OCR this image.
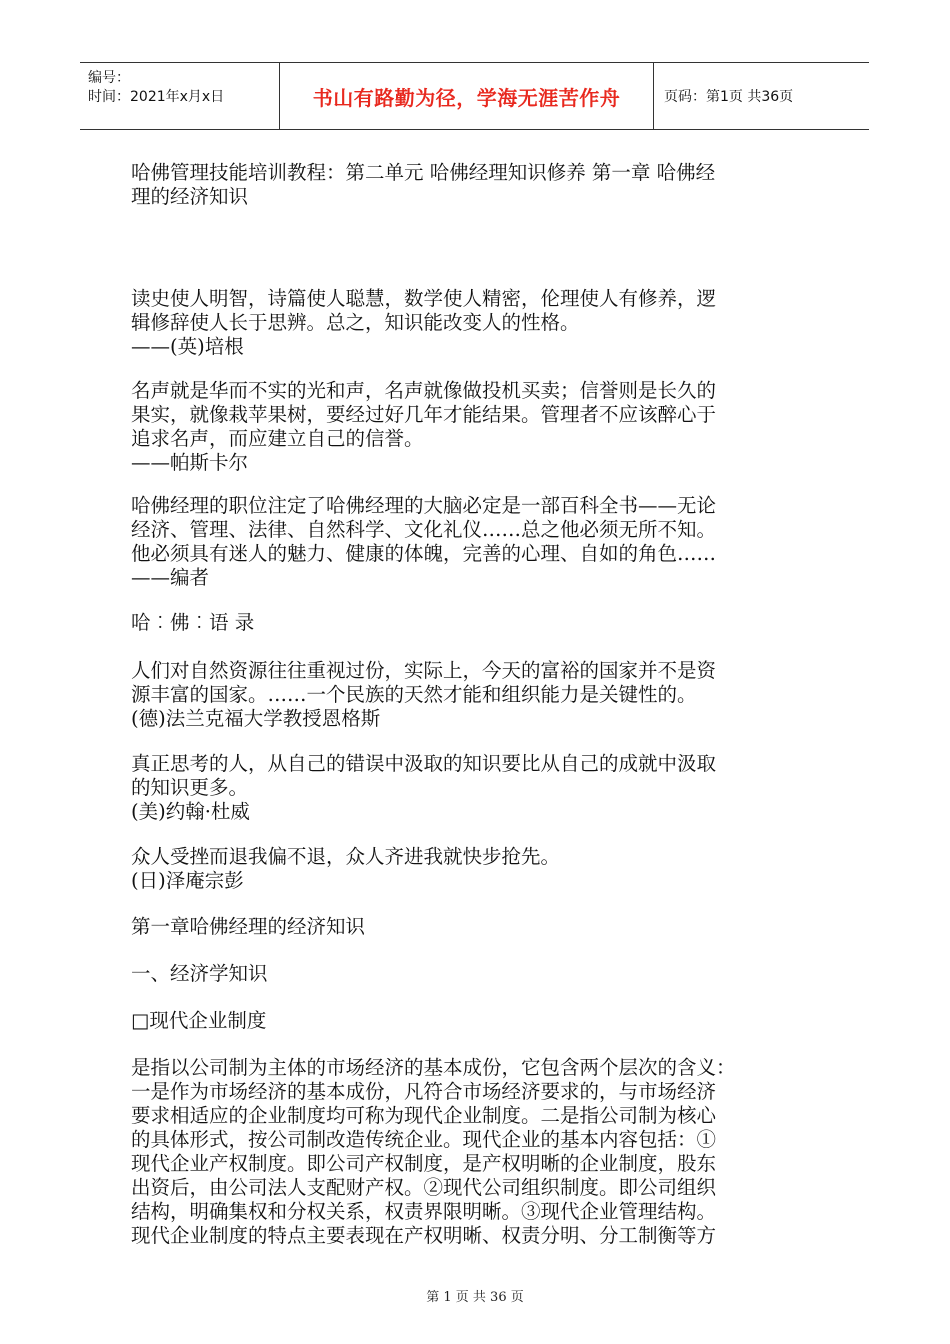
编号：
时间：2021年x月x日	书山有路勤为径，学海无涯苦作舟	页码：第1页 共36页
哈佛管理技能培训教程：第二单元 哈佛经理知识修养 第一章 哈佛经
理的经济知识
读史使人明智，诗篇使人聪慧，数学使人精密，伦理使人有修养，逻
辑修辞使人长于思辨。总之，知识能改变人的性格。
——(英)培根
名声就是华而不实的光和声，名声就像做投机买卖；信誉则是长久的
果实，就像栽苹果树，要经过好几年才能结果。管理者不应该醉心于
追求名声，而应建立自己的信誉。
——帕斯卡尔
哈佛经理的职位注定了哈佛经理的大脑必定是一部百科全书——无论
经济、管理、法律、自然科学、文化礼仪……总之他必须无所不知。
他必须具有迷人的魅力、健康的体魄，完善的心理、自如的角色……
——编者
哈︰佛︰语 录
人们对自然资源往往重视过份，实际上，今天的富裕的国家并不是资
源丰富的国家。……一个民族的天然才能和组织能力是关键性的。
(德)法兰克福大学教授恩格斯
真正思考的人，从自己的错误中汲取的知识要比从自己的成就中汲取
的知识更多。
(美)约翰·杜威
众人受挫而退我偏不退，众人齐进我就快步抢先。
(日)泽庵宗彭
第一章哈佛经理的经济知识
一、经济学知识
□现代企业制度
是指以公司制为主体的市场经济的基本成份，它包含两个层次的含义：
一是作为市场经济的基本成份，凡符合市场经济要求的，与市场经济
要求相适应的企业制度均可称为现代企业制度。二是指公司制为核心
的具体形式，按公司制改造传统企业。现代企业的基本内容包括：①
现代企业产权制度。即公司产权制度，是产权明晰的企业制度，股东
出资后，由公司法人支配财产权。②现代公司组织制度。即公司组织
结构，明确集权和分权关系，权责界限明晰。③现代企业管理结构。
现代企业制度的特点主要表现在产权明晰、权责分明、分工制衡等方
第 1 页 共 36 页
